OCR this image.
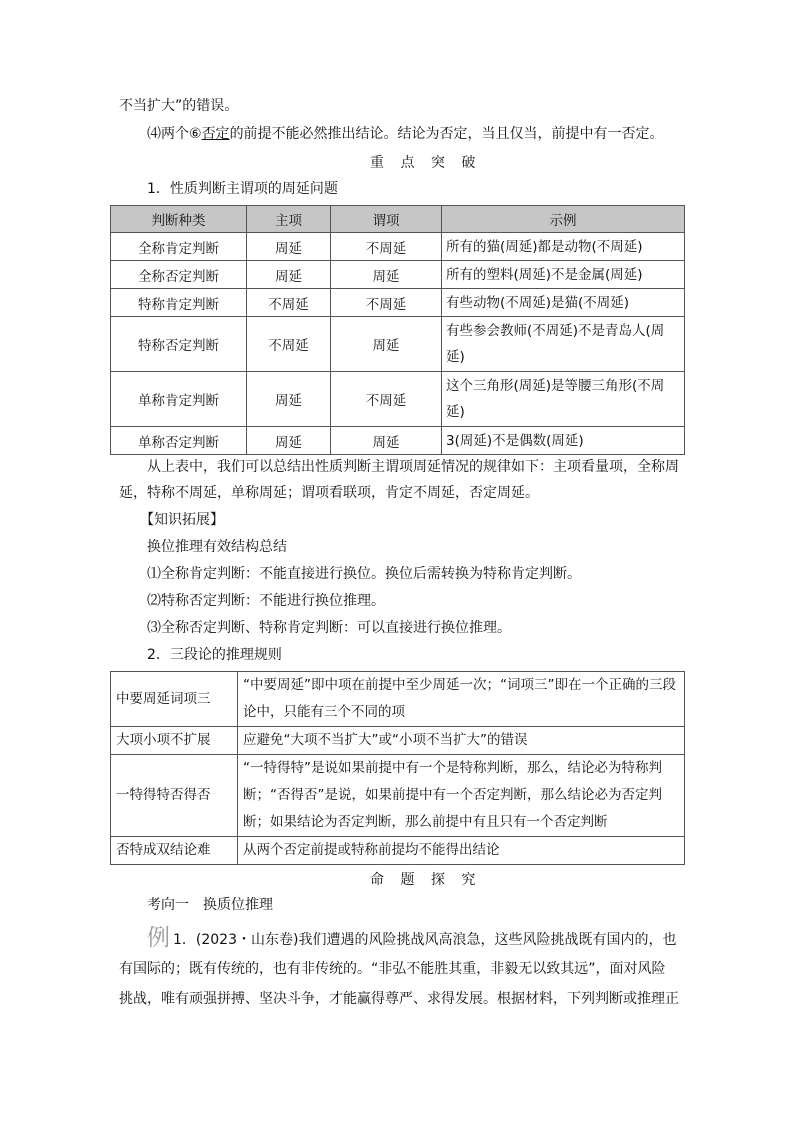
不当扩大”的错误。
⑷两个⑥否定的前提不能必然推出结论。结论为否定，当且仅当，前提中有一否定。
重 点 突 破
1．性质判断主谓项的周延问题
判断种类	主项	谓项	示例
全称肯定判断	周延	不周延	所有的猫(周延)都是动物(不周延)
全称否定判断	周延	周延	所有的塑料(周延)不是金属(周延)
特称肯定判断	不周延	不周延	有些动物(不周延)是猫(不周延)
特称否定判断	不周延	周延	有些参会教师(不周延)不是青岛人(周延)
单称肯定判断	周延	不周延	这个三角形(周延)是等腰三角形(不周延)
单称否定判断	周延	周延	3(周延)不是偶数(周延)
从上表中，我们可以总结出性质判断主谓项周延情况的规律如下：主项看量项，全称周
延，特称不周延，单称周延；谓项看联项，肯定不周延，否定周延。
【知识拓展】
换位推理有效结构总结
⑴全称肯定判断：不能直接进行换位。换位后需转换为特称肯定判断。
⑵特称否定判断：不能进行换位推理。
⑶全称否定判断、特称肯定判断：可以直接进行换位推理。
2．三段论的推理规则
中要周延词项三	“中要周延”即中项在前提中至少周延一次；“词项三”即在一个正确的三段论中，只能有三个不同的项
大项小项不扩展	应避免“大项不当扩大”或“小项不当扩大”的错误
一特得特否得否	“一特得特”是说如果前提中有一个是特称判断，那么，结论必为特称判断；“否得否”是说，如果前提中有一个否定判断，那么结论必为否定判断；如果结论为否定判断，那么前提中有且只有一个否定判断
否特成双结论难	从两个否定前提或特称前提均不能得出结论
命 题 探 究
考向一　换质位推理
例 1．(2023・山东卷)我们遭遇的风险挑战风高浪急，这些风险挑战既有国内的，也
有国际的；既有传统的，也有非传统的。“非弘不能胜其重，非毅无以致其远”，面对风险
挑战，唯有顽强拼搏、坚决斗争，才能赢得尊严、求得发展。根据材料，下列判断或推理正
